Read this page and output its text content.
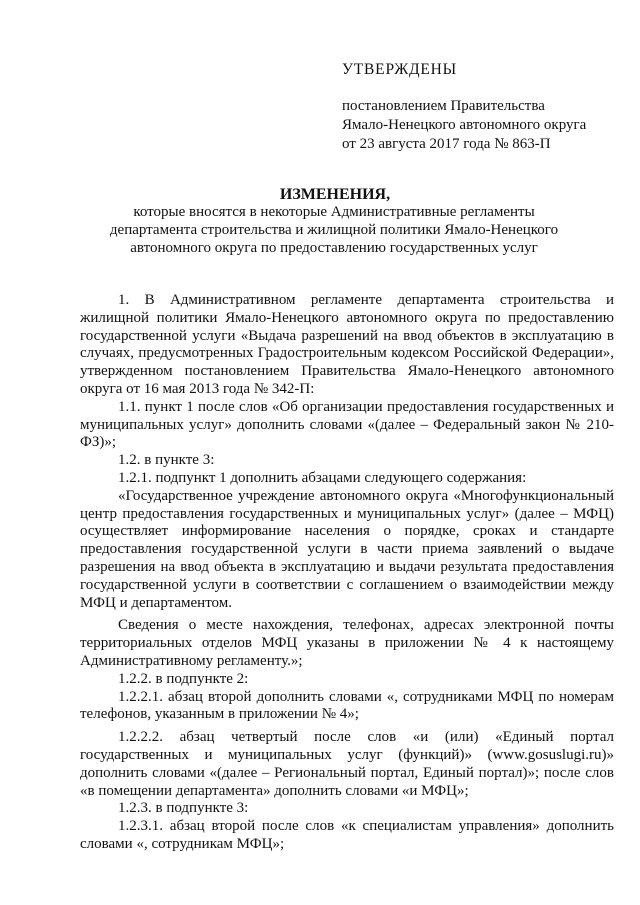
УТВЕРЖДЕНЫ
постановлением Правительства
Ямало-Ненецкого автономного округа
от 23 августа 2017 года № 863-П
ИЗМЕНЕНИЯ,
которые вносятся в некоторые Административные регламенты
департамента строительства и жилищной политики Ямало-Ненецкого
автономного округа по предоставлению государственных услуг

1. В Административном регламенте департамента строительства и жилищной политики Ямало-Ненецкого автономного округа по предоставлению государственной услуги «Выдача разрешений на ввод объектов в эксплуатацию в случаях, предусмотренных Градостроительным кодексом Российской Федерации», утвержденном постановлением Правительства Ямало-Ненецкого автономного округа от 16 мая 2013 года № 342-П:

1.1. пункт 1 после слов «Об организации предоставления государственных и муниципальных услуг» дополнить словами «(далее – Федеральный закон № 210-ФЗ)»;

1.2. в пункте 3:

1.2.1. подпункт 1 дополнить абзацами следующего содержания:

«Государственное учреждение автономного округа «Многофункциональный центр предоставления государственных и муниципальных услуг» (далее – МФЦ) осуществляет информирование населения о порядке, сроках и стандарте предоставления государственной услуги в части приема заявлений о выдаче разрешения на ввод объекта в эксплуатацию и выдачи результата предоставления государственной услуги в соответствии с соглашением о взаимодействии между МФЦ и департаментом.

Сведения о месте нахождения, телефонах, адресах электронной почты территориальных отделов МФЦ указаны в приложении № 4 к настоящему Административному регламенту.»;

1.2.2. в подпункте 2:

1.2.2.1. абзац второй дополнить словами «, сотрудниками МФЦ по номерам телефонов, указанным в приложении № 4»;

1.2.2.2. абзац четвертый после слов «и (или) «Единый портал государственных и муниципальных услуг (функций)» (www.gosuslugi.ru)» дополнить словами «(далее – Региональный портал, Единый портал)»; после слов «в помещении департамента» дополнить словами «и МФЦ»;

1.2.3. в подпункте 3:

1.2.3.1. абзац второй после слов «к специалистам управления» дополнить словами «, сотрудникам МФЦ»;
